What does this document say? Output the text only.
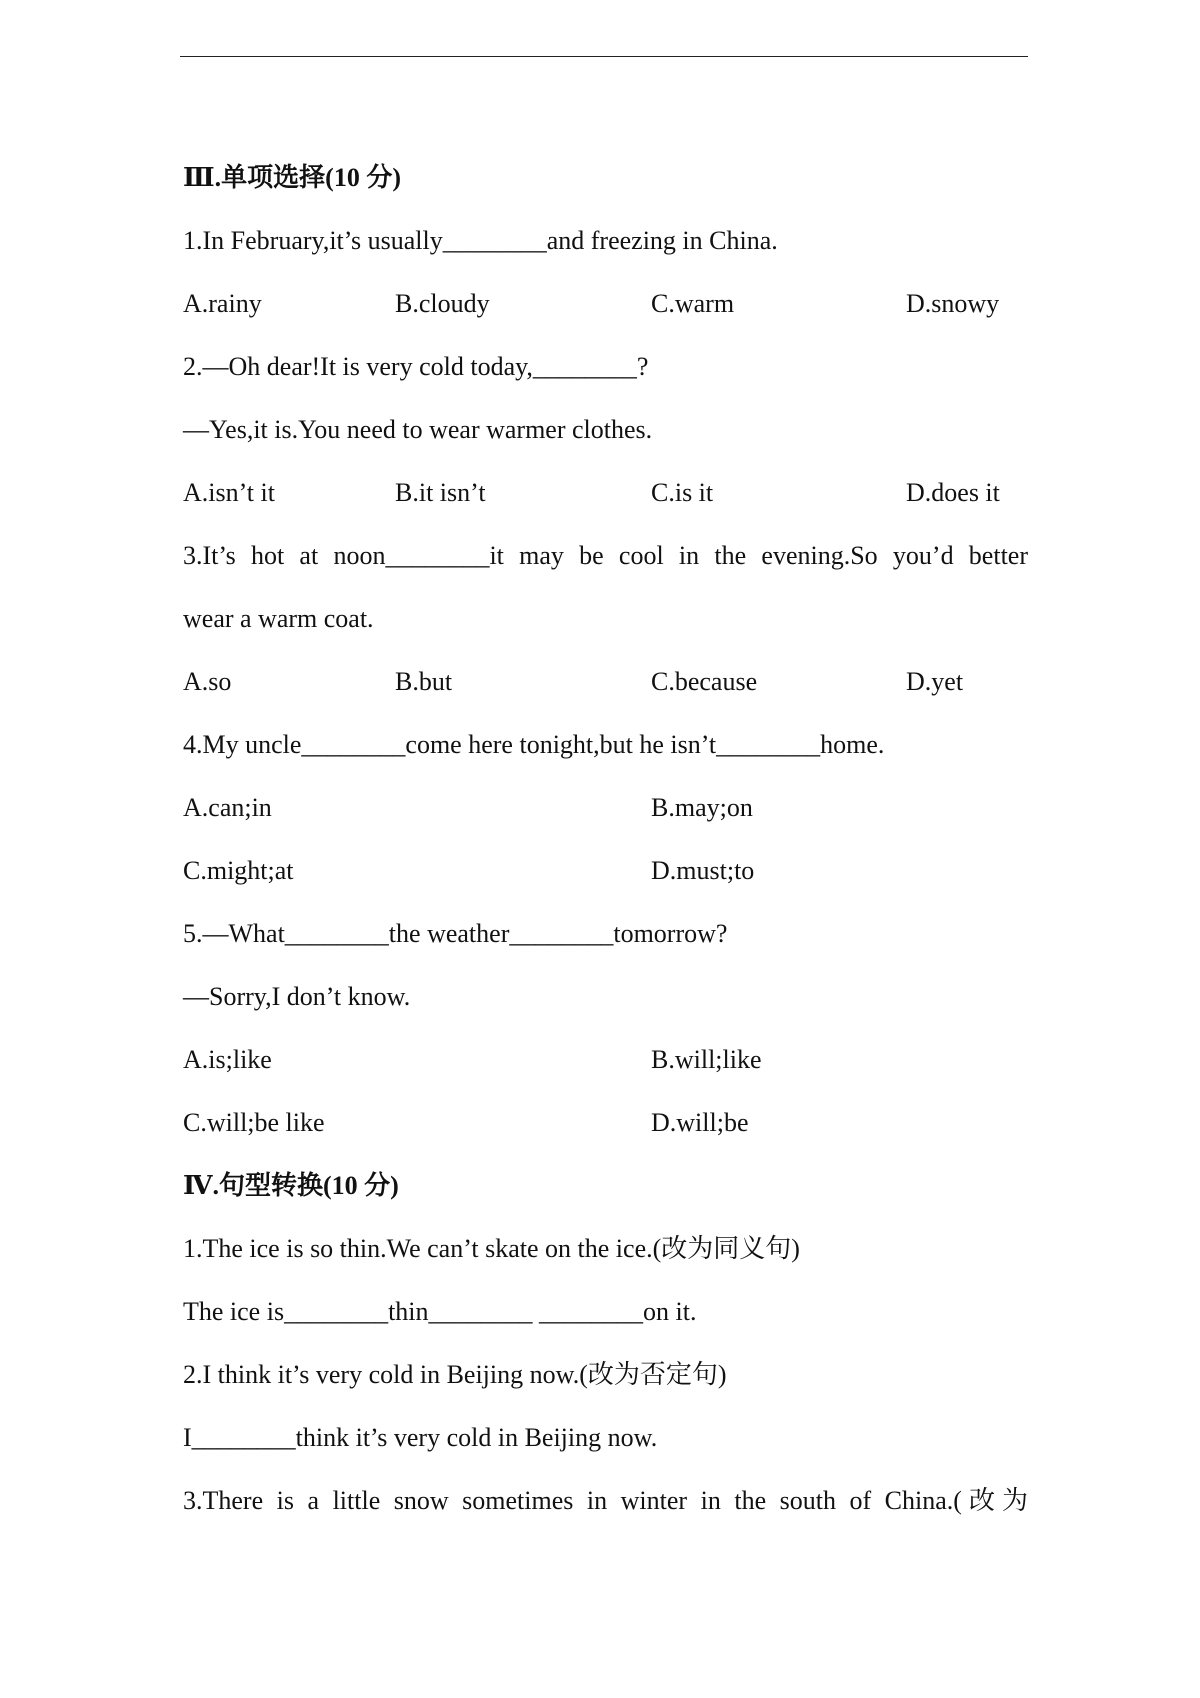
Ⅲ.单项选择(10 分)
1.In February,it’s usually________and freezing in China.
A.rainy	B.cloudy	C.warm	D.snowy
2.—Oh dear!It is very cold today,________?
—Yes,it is.You need to wear warmer clothes.
A.isn’t it	B.it isn’t	C.is it	D.does it
3.It’s hot at noon________it may be cool in the evening.So you’d better
wear a warm coat.
A.so	B.but	C.because	D.yet
4.My uncle________come here tonight,but he isn’t________home.
A.can;in	B.may;on
C.might;at	D.must;to
5.—What________the weather________tomorrow?
—Sorry,I don’t know.
A.is;like	B.will;like
C.will;be like	D.will;be
Ⅳ.句型转换(10 分)
1.The ice is so thin.We can’t skate on the ice.(改为同义句)
The ice is________thin________ ________on it.
2.I think it’s very cold in Beijing now.(改为否定句)
I________think it’s very cold in Beijing now.
3.There is a little snow sometimes in winter in the south of China.(改为
